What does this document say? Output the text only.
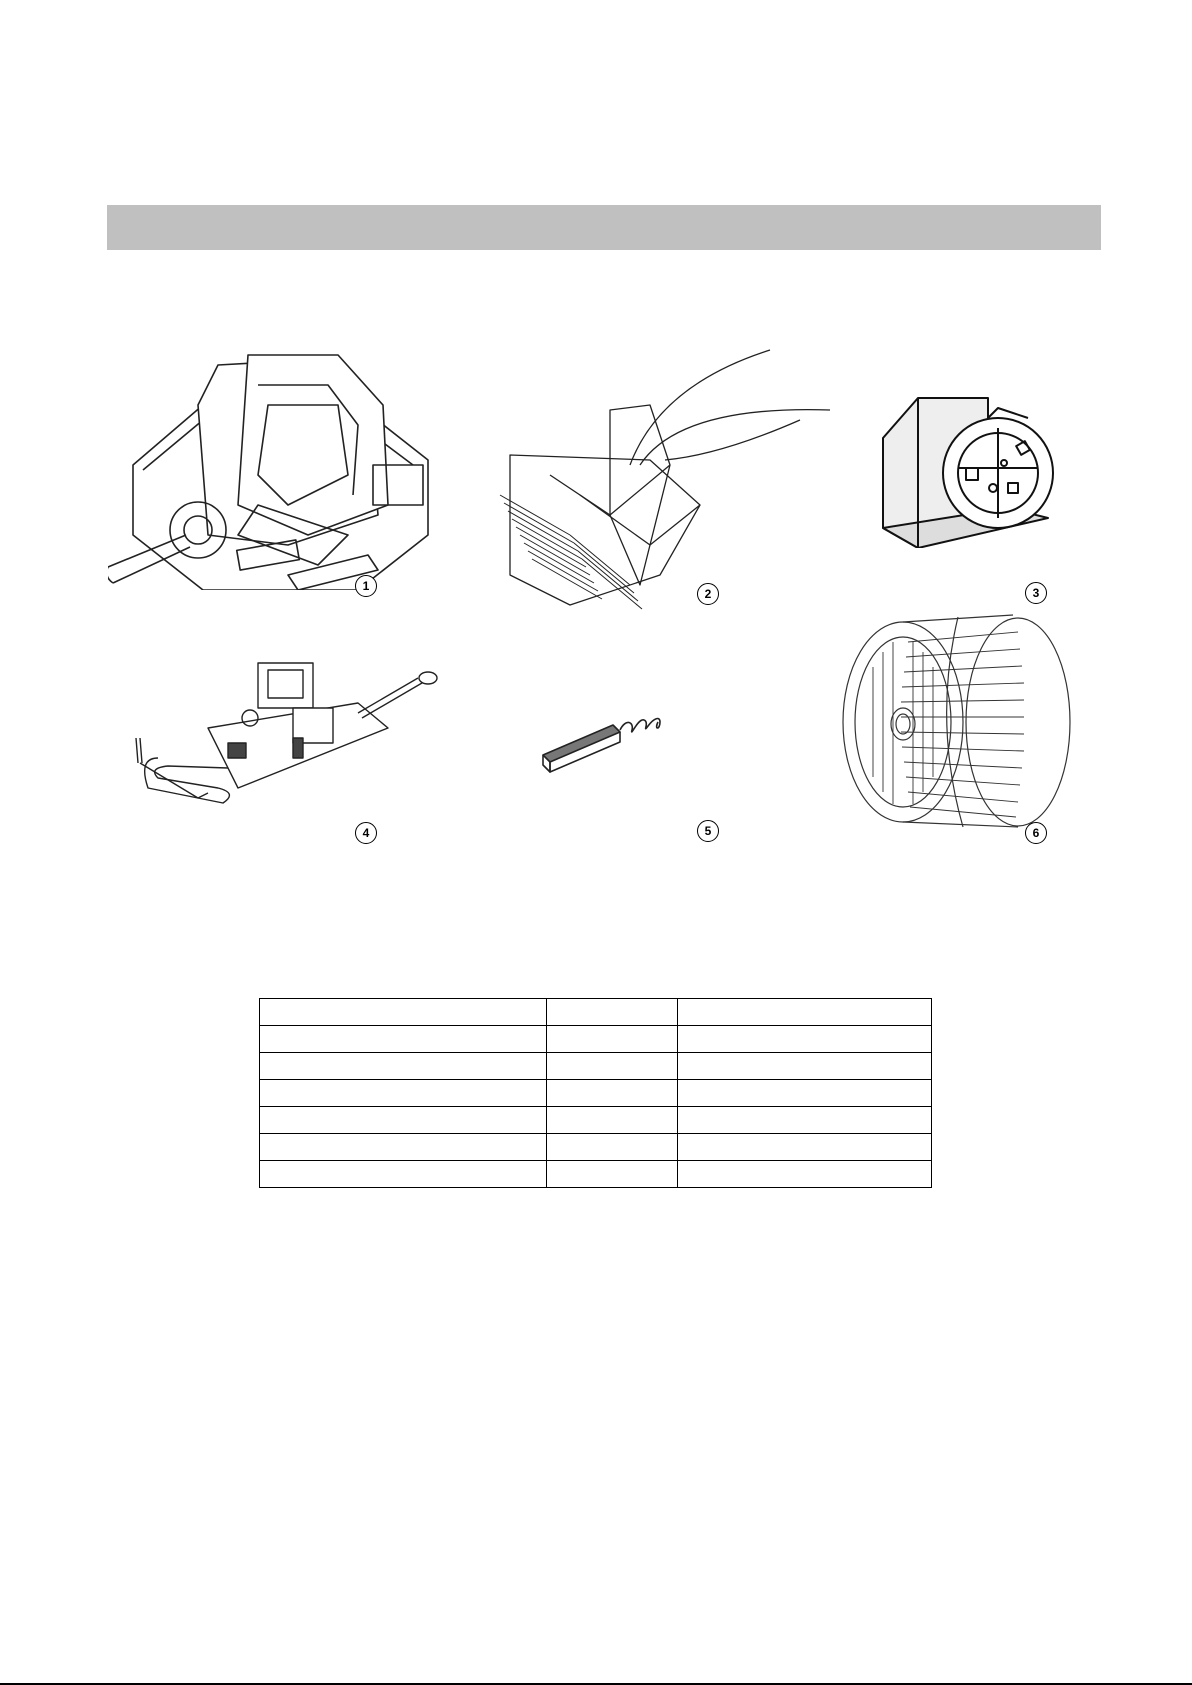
1
2	3
4	5	6
